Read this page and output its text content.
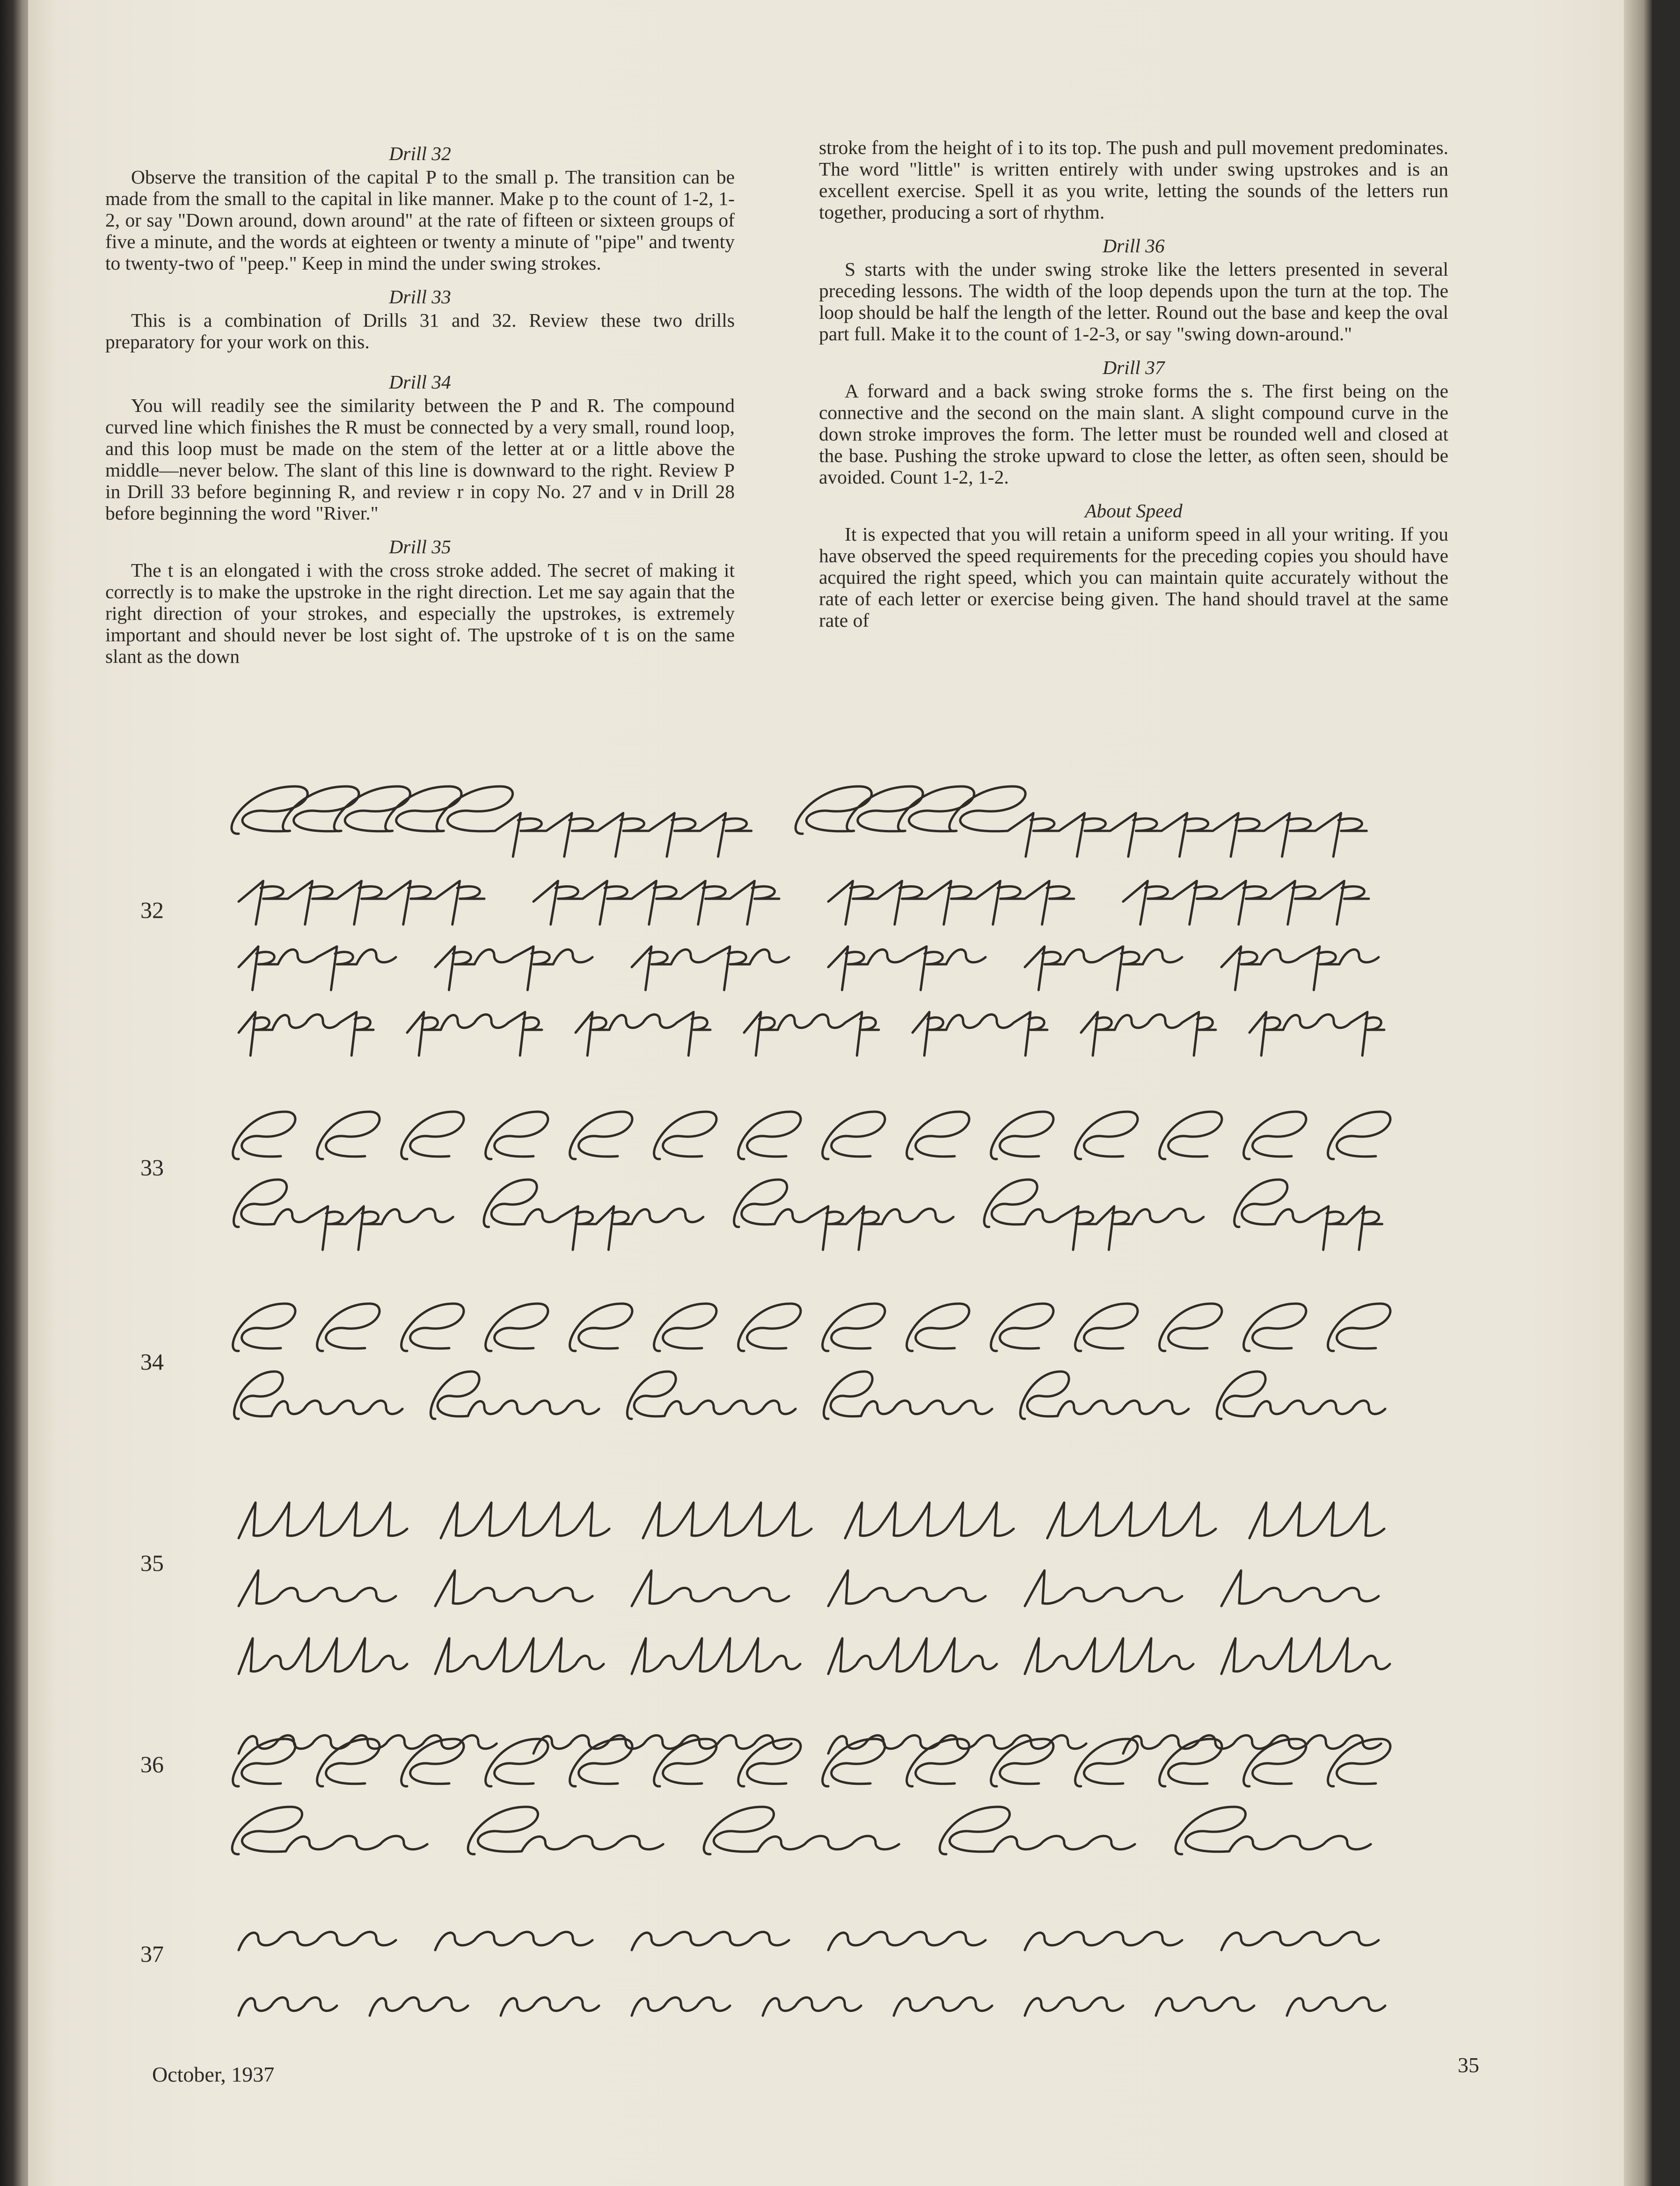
Drill 32

Observe the transition of the capital P to the small p. The transition can be made from the small to the capital in like manner. Make p to the count of 1-2, 1-2, or say "Down around, down around" at the rate of fifteen or sixteen groups of five a minute, and the words at eighteen or twenty a minute of "pipe" and twenty to twenty-two of "peep." Keep in mind the under swing strokes.

Drill 33

This is a combination of Drills 31 and 32. Review these two drills preparatory for your work on this.

Drill 34

You will readily see the similarity between the P and R. The compound curved line which finishes the R must be connected by a very small, round loop, and this loop must be made on the stem of the letter at or a little above the middle—never below. The slant of this line is downward to the right. Review P in Drill 33 before beginning R, and review r in copy No. 27 and v in Drill 28 before beginning the word "River."

Drill 35

The t is an elongated i with the cross stroke added. The secret of making it correctly is to make the upstroke in the right direction. Let me say again that the right direction of your strokes, and especially the upstrokes, is extremely important and should never be lost sight of. The upstroke of t is on the same slant as the down

stroke from the height of i to its top. The push and pull movement predominates. The word "little" is written entirely with under swing upstrokes and is an excellent exercise. Spell it as you write, letting the sounds of the letters run together, producing a sort of rhythm.

Drill 36

S starts with the under swing stroke like the letters presented in several preceding lessons. The width of the loop depends upon the turn at the top. The loop should be half the length of the letter. Round out the base and keep the oval part full. Make it to the count of 1-2-3, or say "swing down-around."

Drill 37

A forward and a back swing stroke forms the s. The first being on the connective and the second on the main slant. A slight compound curve in the down stroke improves the form. The letter must be rounded well and closed at the base. Pushing the stroke upward to close the letter, as often seen, should be avoided. Count 1-2, 1-2.

About Speed

It is expected that you will retain a uniform speed in all your writing. If you have observed the speed requirements for the preceding copies you should have acquired the right speed, which you can maintain quite accurately without the rate of each letter or exercise being given. The hand should travel at the same rate of

32
33
34
35
36
37
October, 1937	35
